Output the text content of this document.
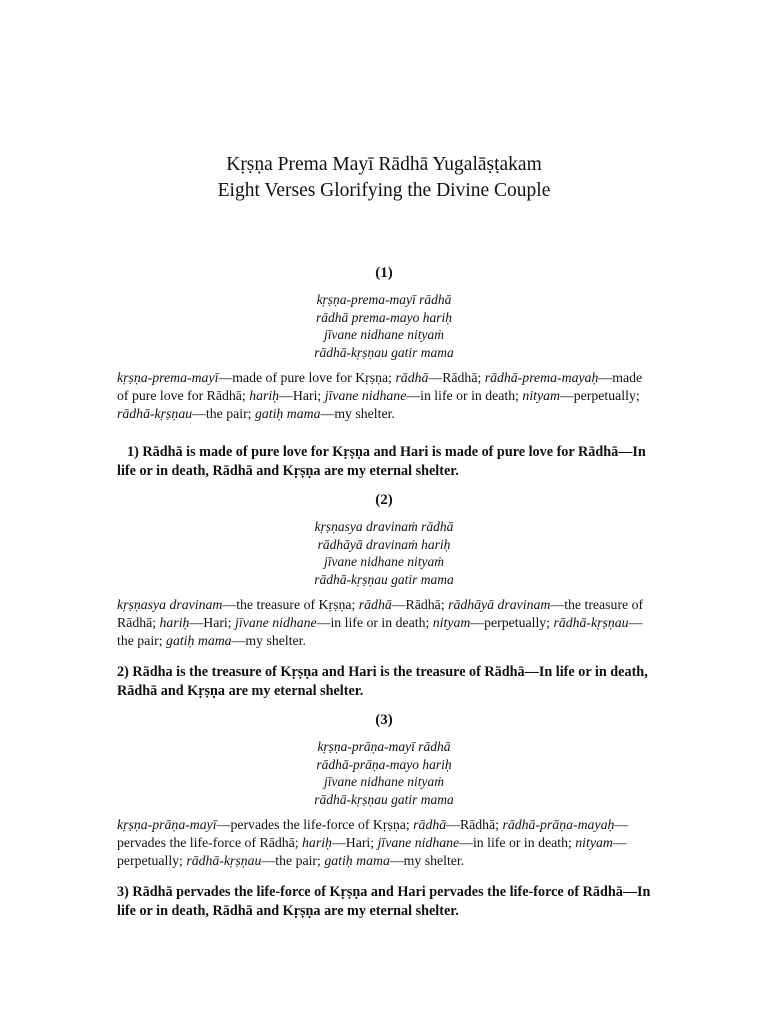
Kṛṣṇa Prema Mayī Rādhā Yugalāṣṭakam
Eight Verses Glorifying the Divine Couple
(1)
kṛṣṇa-prema-mayī rādhā
rādhā prema-mayo hariḥ
jīvane nidhane nityaṁ
rādhā-kṛṣṇau gatir mama
kṛṣṇa-prema-mayī—made of pure love for Kṛṣṇa; rādhā—Rādhā; rādhā-prema-mayaḥ—made of pure love for Rādhā; hariḥ—Hari; jīvane nidhane—in life or in death; nityam—perpetually; rādhā-kṛṣṇau—the pair; gatiḥ mama—my shelter.
1) Rādhā is made of pure love for Kṛṣṇa and Hari is made of pure love for Rādhā—In life or in death, Rādhā and Kṛṣṇa are my eternal shelter.
(2)
kṛṣṇasya dravinaṁ rādhā
rādhāyā dravinaṁ hariḥ
jīvane nidhane nityaṁ
rādhā-kṛṣṇau gatir mama
kṛṣṇasya dravinam—the treasure of Kṛṣṇa; rādhā—Rādhā; rādhāyā dravinam—the treasure of Rādhā; hariḥ—Hari; jīvane nidhane—in life or in death; nityam—perpetually; rādhā-kṛṣṇau—the pair; gatiḥ mama—my shelter.
2) Rādha is the treasure of Kṛṣṇa and Hari is the treasure of Rādhā—In life or in death, Rādhā and Kṛṣṇa are my eternal shelter.
(3)
kṛṣṇa-prāṇa-mayī rādhā
rādhā-prāṇa-mayo hariḥ
jīvane nidhane nityaṁ
rādhā-kṛṣṇau gatir mama
kṛṣṇa-prāṇa-mayī—pervades the life-force of Kṛṣṇa; rādhā—Rādhā; rādhā-prāṇa-mayaḥ—pervades the life-force of Rādhā; hariḥ—Hari; jīvane nidhane—in life or in death; nityam—perpetually; rādhā-kṛṣṇau—the pair; gatiḥ mama—my shelter.
3) Rādhā pervades the life-force of Kṛṣṇa and Hari pervades the life-force of Rādhā—In life or in death, Rādhā and Kṛṣṇa are my eternal shelter.
